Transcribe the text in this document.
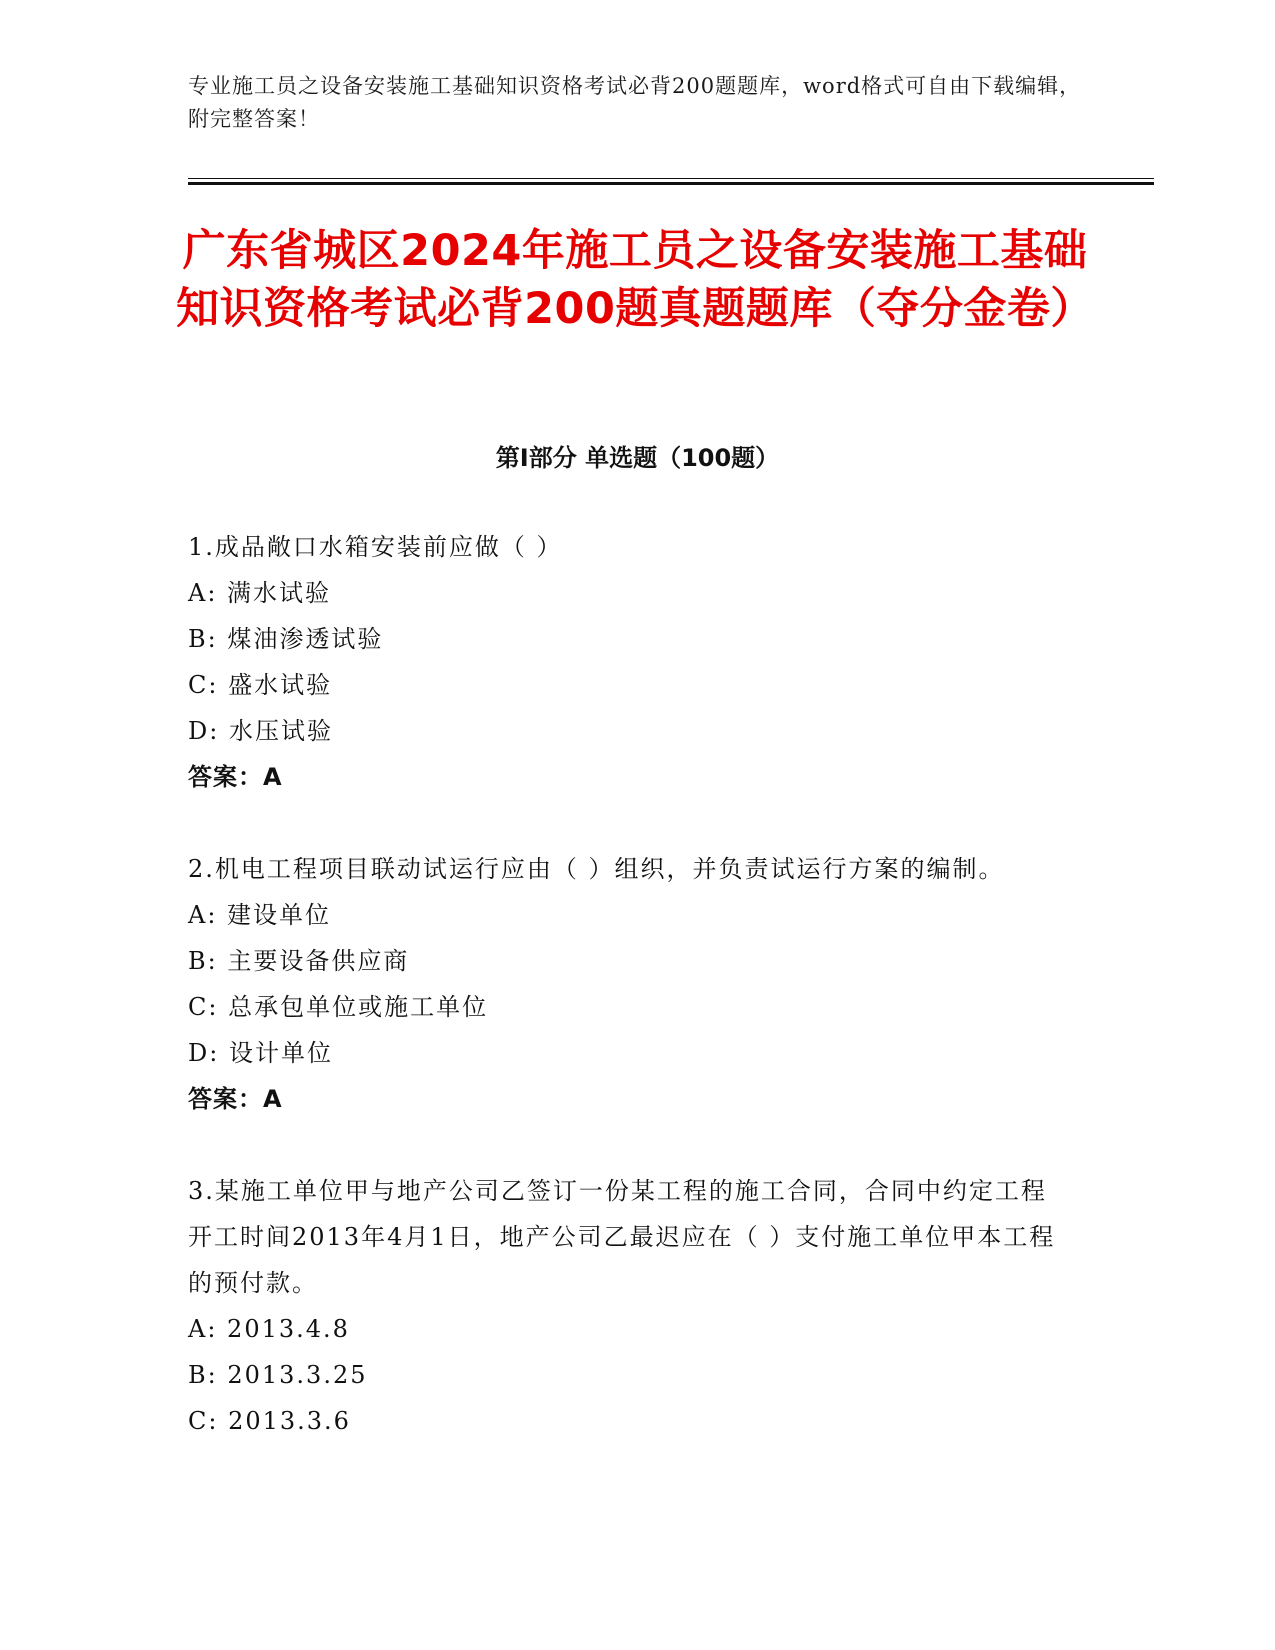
专业施工员之设备安装施工基础知识资格考试必背200题题库，word格式可自由下载编辑，附完整答案！
广东省城区2024年施工员之设备安装施工基础知识资格考试必背200题真题题库（夺分金卷）
第I部分 单选题（100题）
1.成品敞口水箱安装前应做（ ）
A: 满水试验
B: 煤油渗透试验
C: 盛水试验
D: 水压试验
答案：A
2.机电工程项目联动试运行应由（ ）组织，并负责试运行方案的编制。
A: 建设单位
B: 主要设备供应商
C: 总承包单位或施工单位
D: 设计单位
答案：A
3.某施工单位甲与地产公司乙签订一份某工程的施工合同，合同中约定工程开工时间2013年4月1日，地产公司乙最迟应在（ ）支付施工单位甲本工程的预付款。
A: 2013.4.8
B: 2013.3.25
C: 2013.3.6
